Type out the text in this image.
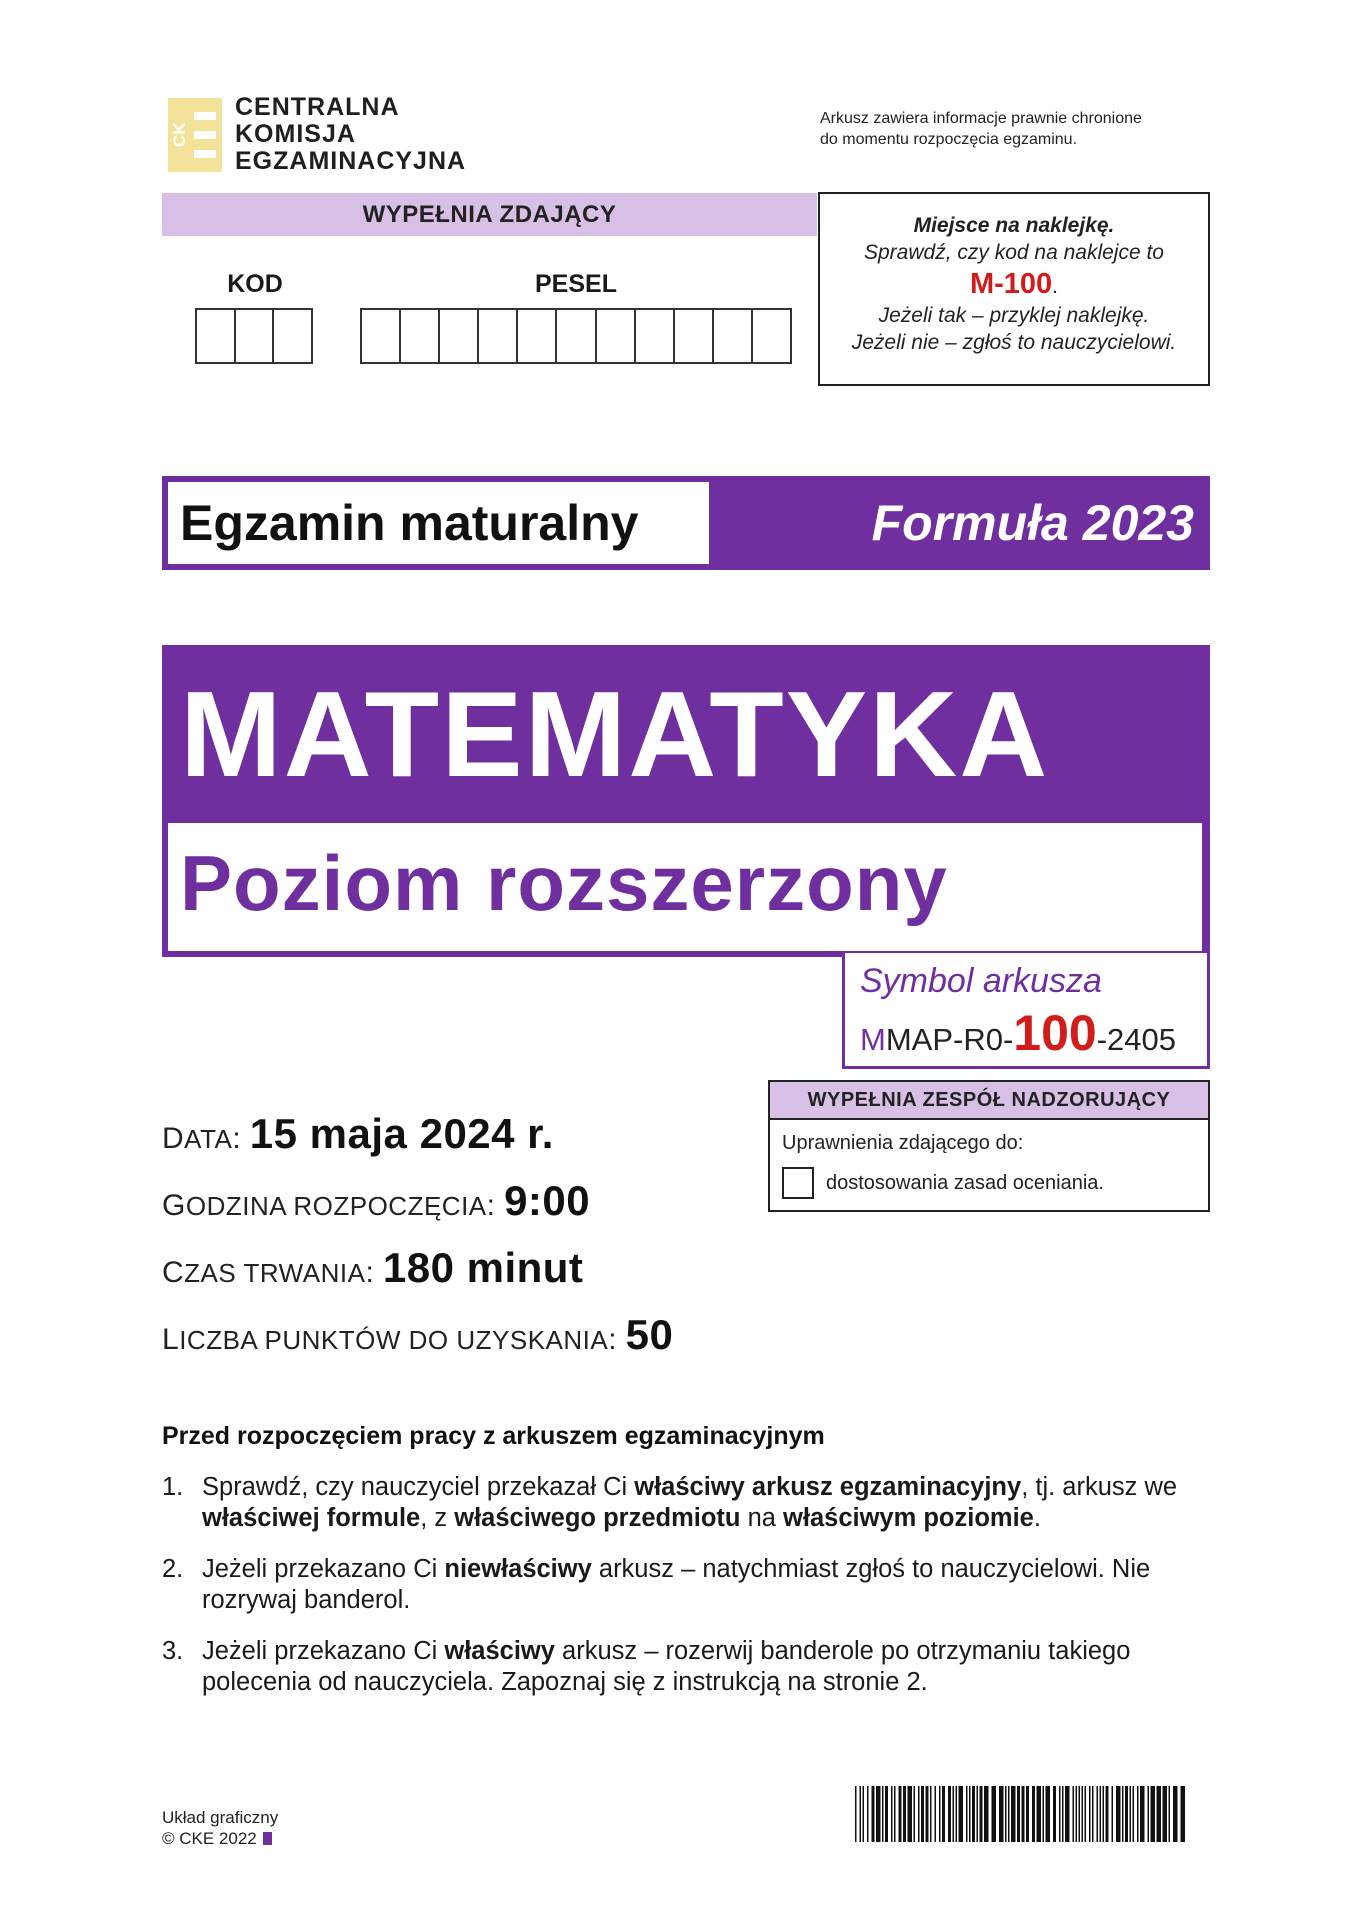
CK
CENTRALNA
KOMISJA
EGZAMINACYJNA
Arkusz zawiera informacje prawnie chronione
do momentu rozpoczęcia egzaminu.
WYPEŁNIA ZDAJĄCY
KOD	PESEL
Miejsce na naklejkę.
Sprawdź, czy kod na naklejce to
M-100.
Jeżeli tak – przyklej naklejkę.
Jeżeli nie – zgłoś to nauczycielowi.
Egzamin maturalny	Formuła 2023
MATEMATYKA
Poziom rozszerzony
Symbol arkusza
MMAP-R0-100-2405
WYPEŁNIA ZESPÓŁ NADZORUJĄCY
Uprawnienia zdającego do:
dostosowania zasad oceniania.
DATA: 15 maja 2024 r.
GODZINA ROZPOCZĘCIA: 9:00
CZAS TRWANIA: 180 minut
LICZBA PUNKTÓW DO UZYSKANIA: 50
Przed rozpoczęciem pracy z arkuszem egzaminacyjnym
1. Sprawdź, czy nauczyciel przekazał Ci właściwy arkusz egzaminacyjny, tj. arkusz we właściwej formule, z właściwego przedmiotu na właściwym poziomie.
2. Jeżeli przekazano Ci niewłaściwy arkusz – natychmiast zgłoś to nauczycielowi. Nie rozrywaj banderol.
3. Jeżeli przekazano Ci właściwy arkusz – rozerwij banderole po otrzymaniu takiego polecenia od nauczyciela. Zapoznaj się z instrukcją na stronie 2.
Układ graficzny
© CKE 2022
